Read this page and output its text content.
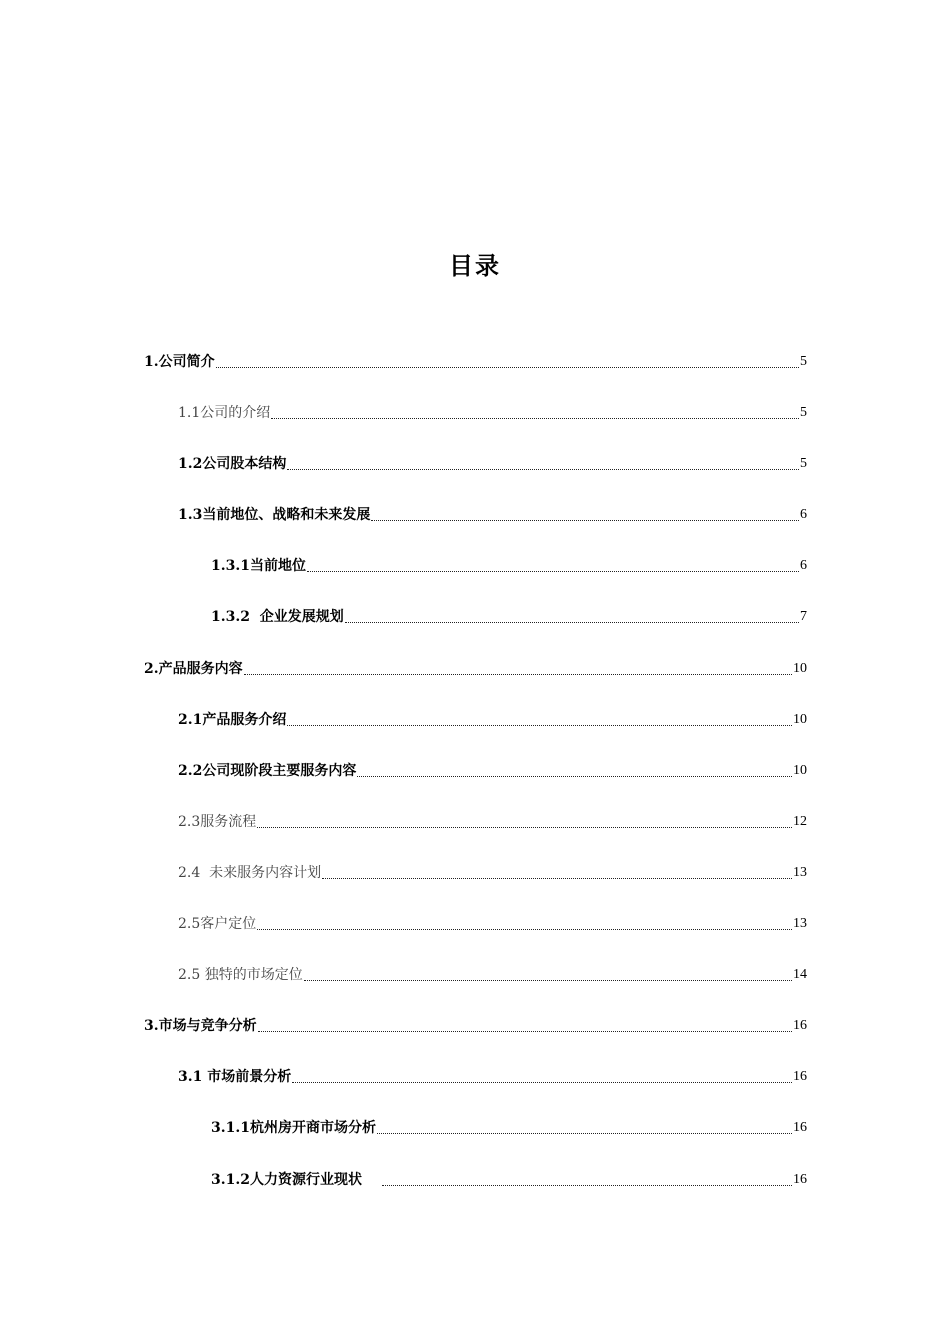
目录
1.公司简介	5
1.1公司的介绍	5
1.2公司股本结构	5
1.3当前地位、战略和未来发展	6
1.3.1当前地位	6
1.3.2  企业发展规划	7
2.产品服务内容	10
2.1产品服务介绍	10
2.2公司现阶段主要服务内容	10
2.3服务流程	12
2.4  未来服务内容计划	13
2.5客户定位	13
2.5 独特的市场定位	14
3.市场与竞争分析	16
3.1 市场前景分析	16
3.1.1杭州房开商市场分析	16
3.1.2人力资源行业现状	16
